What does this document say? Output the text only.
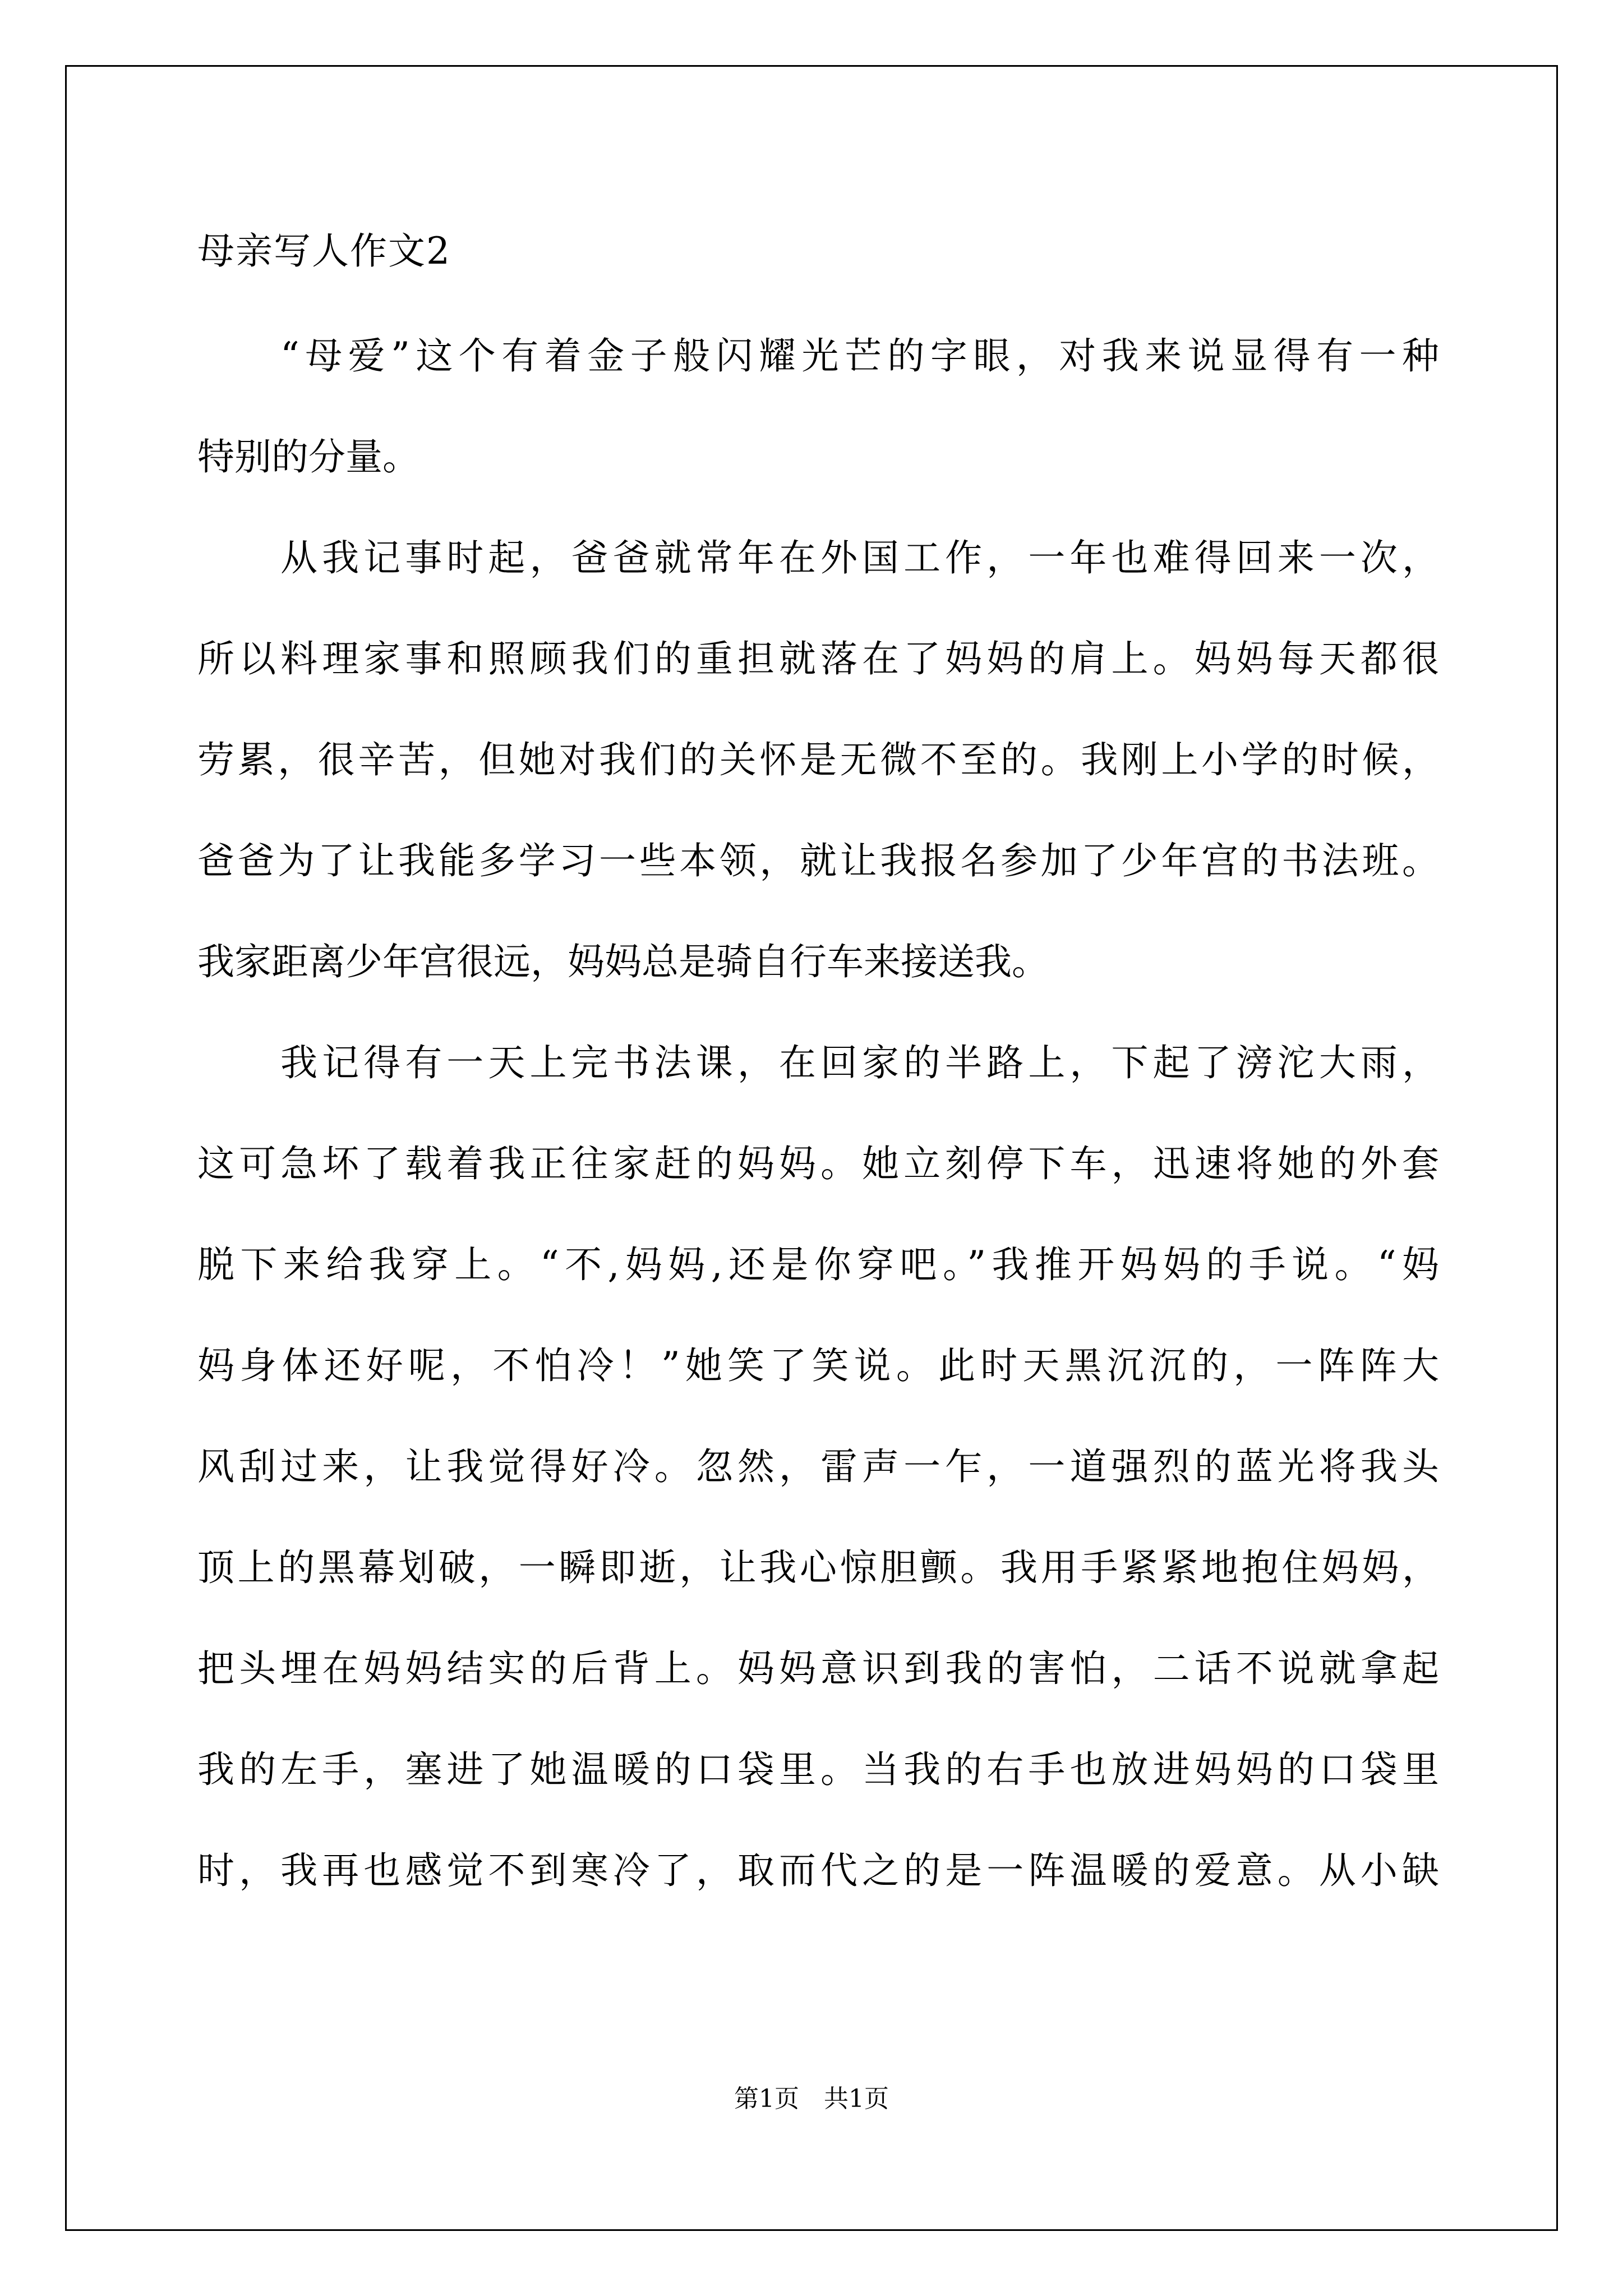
母亲写人作文2
“母爱”这个有着金子般闪耀光芒的字眼，对我来说显得有一种
特别的分量。
从我记事时起，爸爸就常年在外国工作，一年也难得回来一次，
所以料理家事和照顾我们的重担就落在了妈妈的肩上。妈妈每天都很
劳累，很辛苦，但她对我们的关怀是无微不至的。我刚上小学的时候，
爸爸为了让我能多学习一些本领，就让我报名参加了少年宫的书法班。
我家距离少年宫很远，妈妈总是骑自行车来接送我。
我记得有一天上完书法课，在回家的半路上，下起了滂沱大雨，
这可急坏了载着我正往家赶的妈妈。她立刻停下车，迅速将她的外套
脱下来给我穿上。“不,妈妈,还是你穿吧。”我推开妈妈的手说。“妈
妈身体还好呢，不怕冷！”她笑了笑说。此时天黑沉沉的，一阵阵大
风刮过来，让我觉得好冷。忽然，雷声一乍，一道强烈的蓝光将我头
顶上的黑幕划破，一瞬即逝，让我心惊胆颤。我用手紧紧地抱住妈妈，
把头埋在妈妈结实的后背上。妈妈意识到我的害怕，二话不说就拿起
我的左手，塞进了她温暖的口袋里。当我的右手也放进妈妈的口袋里
时，我再也感觉不到寒冷了，取而代之的是一阵温暖的爱意。从小缺
第1页　共1页
